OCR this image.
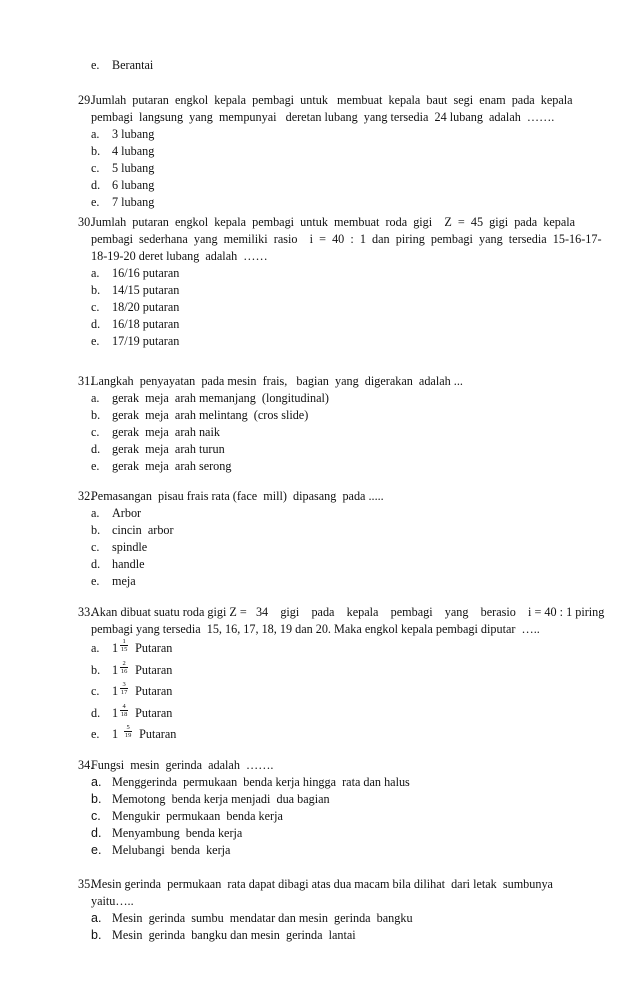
e.	Berantai
29.
Jumlah  putaran  engkol  kepala  pembagi  untuk   membuat  kepala  baut  segi  enam  pada  kepala
pembagi  langsung  yang  mempunyai   deretan lubang  yang tersedia  24 lubang  adalah  …….
a.	3 lubang
b. 4 lubang
c.	5 lubang
d. 6 lubang
e.	7 lubang
30.
Jumlah  putaran  engkol  kepala  pembagi  untuk  membuat  roda  gigi    Z  =  45  gigi  pada  kepala
pembagi  sederhana  yang  memiliki  rasio    i  =  40  :  1  dan  piring  pembagi  yang  tersedia  15-16-17-
18-19-20 deret lubang  adalah  ……
a.	16/16 putaran
b. 14/15 putaran
c.	18/20 putaran
d. 16/18 putaran
e.	17/19 putaran
31.
Langkah  penyayatan  pada mesin  frais,   bagian  yang  digerakan  adalah ...
a.	gerak  meja  arah memanjang  (longitudinal)
b. gerak  meja  arah melintang  (cros slide)
c.	gerak  meja  arah naik
d. gerak  meja  arah turun
e.	gerak  meja  arah serong
32.
Pemasangan  pisau frais rata (face  mill)  dipasang  pada .....
a.	Arbor
b. cincin  arbor
c.	spindle
d. handle
e.	meja
33.
Akan dibuat suatu roda gigi Z =   34    gigi    pada    kepala    pembagi    yang    berasio    i = 40 : 1 piring
pembagi yang tersedia  15, 16, 17, 18, 19 dan 20. Maka engkol kepala pembagi diputar  …..
a.	$1 \frac{1}{15}$ Putaran
b. $1 \frac{2}{16}$ Putaran
c.	$1 \frac{3}{17}$ Putaran
d. $1 \frac{4}{18}$ Putaran
e.	$1 \frac{5}{19}$ Putaran
34.
Fungsi  mesin  gerinda  adalah  …….
a. Menggerinda  permukaan  benda kerja hingga  rata dan halus
b. Memotong  benda kerja menjadi  dua bagian
c. Mengukir  permukaan  benda kerja
d. Menyambung  benda kerja
e. Melubangi  benda  kerja
35.
Mesin gerinda  permukaan  rata dapat dibagi atas dua macam bila dilihat  dari letak  sumbunya
yaitu…..
a. Mesin  gerinda  sumbu  mendatar dan mesin  gerinda  bangku
b. Mesin  gerinda  bangku dan mesin  gerinda  lantai
